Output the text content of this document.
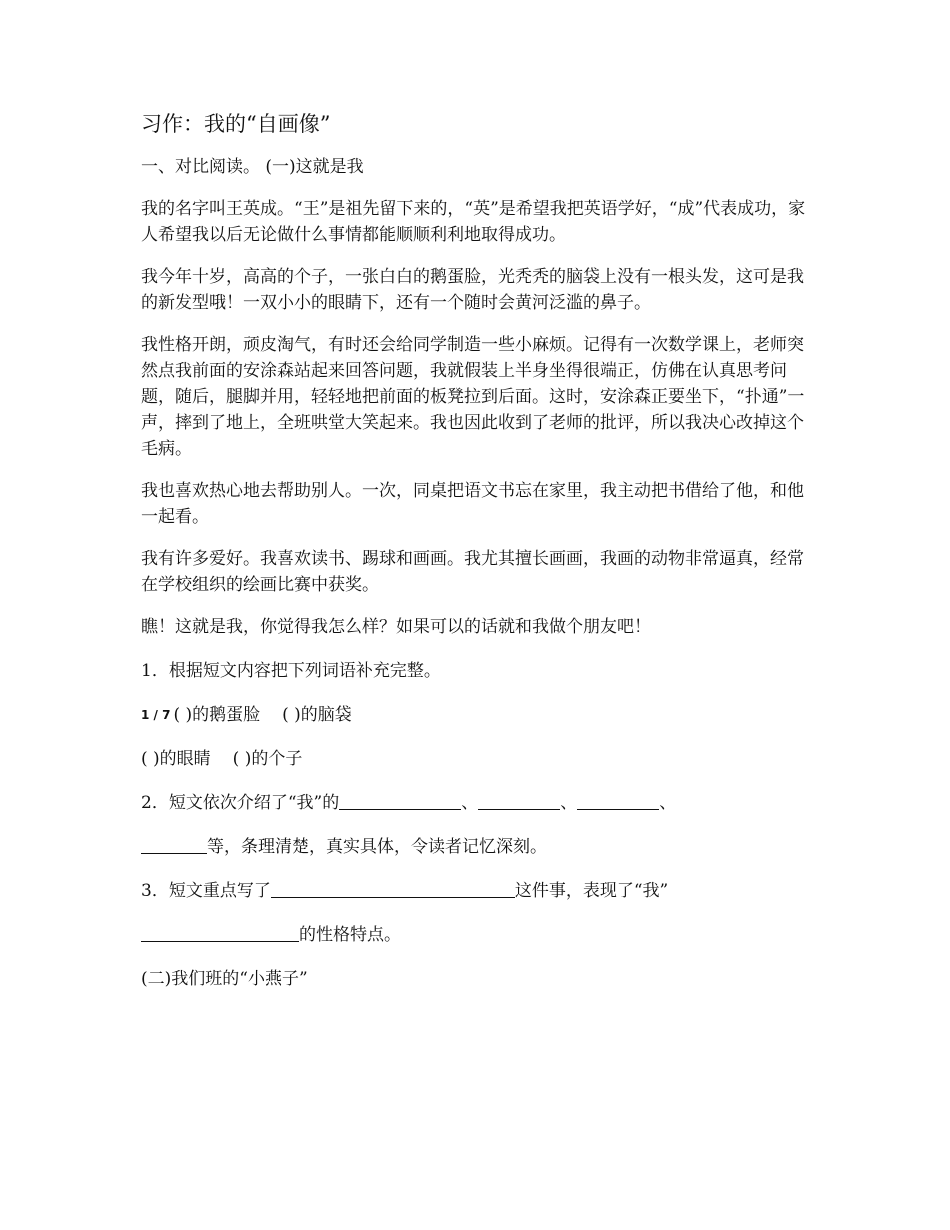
习作：我的“自画像”

一、对比阅读。 (一)这就是我

我的名字叫王英成。“王”是祖先留下来的，“英”是希望我把英语学好，“成”代表成功，家人希望我以后无论做什么事情都能顺顺利利地取得成功。

我今年十岁，高高的个子，一张白白的鹅蛋脸，光秃秃的脑袋上没有一根头发，这可是我的新发型哦！一双小小的眼睛下，还有一个随时会黄河泛滥的鼻子。

我性格开朗，顽皮淘气，有时还会给同学制造一些小麻烦。记得有一次数学课上，老师突然点我前面的安涂森站起来回答问题，我就假装上半身坐得很端正，仿佛在认真思考问题，随后，腿脚并用，轻轻地把前面的板凳拉到后面。这时，安涂森正要坐下，“扑通”一声，摔到了地上，全班哄堂大笑起来。我也因此收到了老师的批评，所以我决心改掉这个毛病。

我也喜欢热心地去帮助别人。一次，同桌把语文书忘在家里，我主动把书借给了他，和他一起看。

我有许多爱好。我喜欢读书、踢球和画画。我尤其擅长画画，我画的动物非常逼真，经常在学校组织的绘画比赛中获奖。

瞧！这就是我，你觉得我怎么样？如果可以的话就和我做个朋友吧！

1．根据短文内容把下列词语补充完整。

1 / 7 ( )的鹅蛋脸 ( )的脑袋
( )的眼睛 ( )的个子
2．短文依次介绍了“我”的	、	、	、
等，条理清楚，真实具体，令读者记忆深刻。
3．短文重点写了	这件事，表现了“我”
的性格特点。

(二)我们班的“小燕子”
